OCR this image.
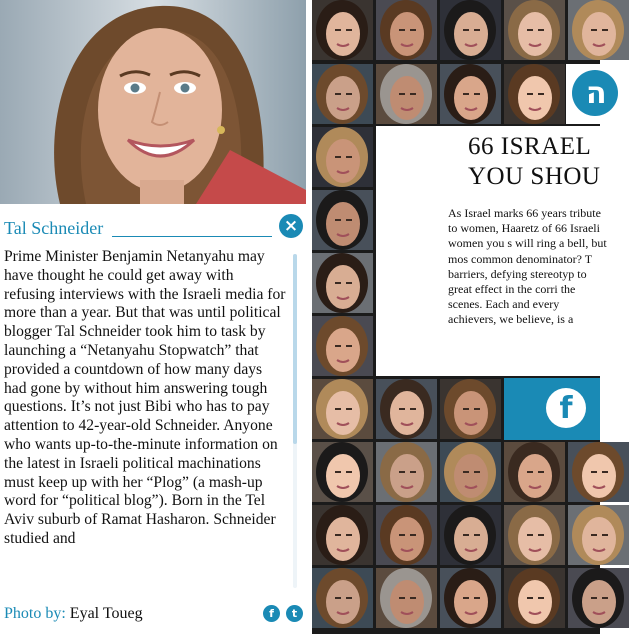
Tal Schneider	×
Prime Minister Benjamin Netanyahu may have thought he could get away with refusing interviews with the Israeli media for more than a year. But that was until political blogger Tal Schneider took him to task by launching a “Netanyahu Stopwatch” that provided a countdown of how many days had gone by without him answering tough questions. It’s not just Bibi who has to pay attention to 42-year-old Schneider. Anyone who wants up-to-the-minute information on the latest in Israeli political machinations must keep up with her “Plog” (a mash-up word for “political blog”). Born in the Tel Aviv suburb of Ramat Hasharon. Schneider studied and
Photo by: Eyal Toueg	f	t
ה
66 ISRAEL
YOU SHOU
As Israel marks 66 years tribute to women, Haaretz of 66 Israeli women you s will ring a bell, but mos common denominator? T barriers, defying stereotyp to great effect in the corri the scenes. Each and every achievers, we believe, is a
f
